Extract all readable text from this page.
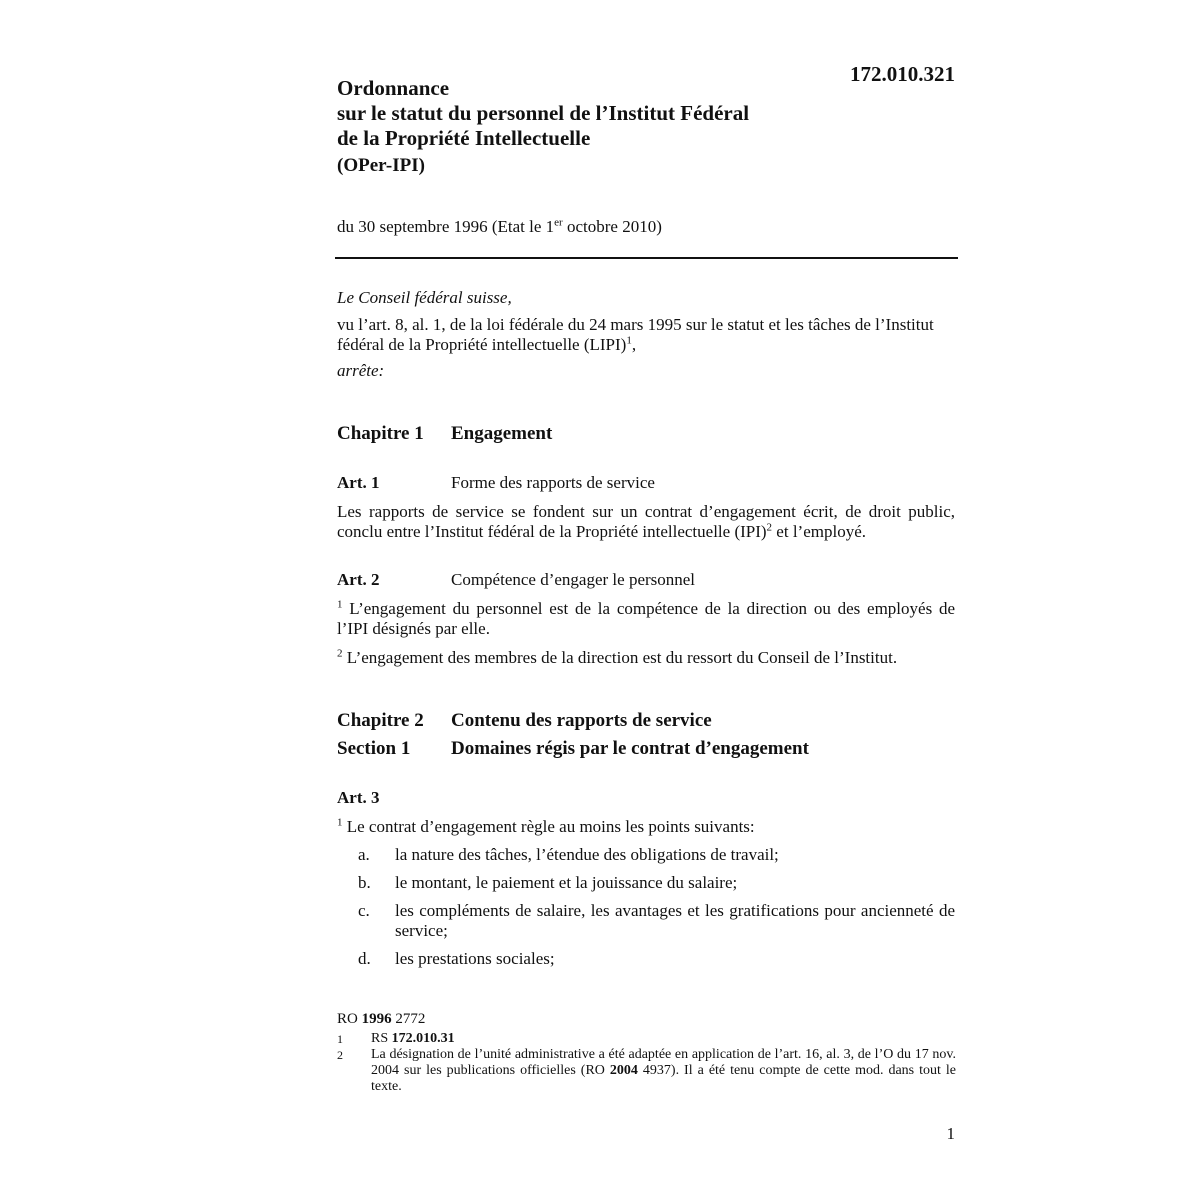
172.010.321
Ordonnance
sur le statut du personnel de l’Institut Fédéral
de la Propriété Intellectuelle
(OPer-IPI)
du 30 septembre 1996 (Etat le 1er octobre 2010)
Le Conseil fédéral suisse,
vu l’art. 8, al. 1, de la loi fédérale du 24 mars 1995 sur le statut et les tâches de l’Institut fédéral de la Propriété intellectuelle (LIPI)$^1$,
arrête:
Chapitre 1 Engagement
Art. 1	Forme des rapports de service
Les rapports de service se fondent sur un contrat d’engagement écrit, de droit public, conclu entre l’Institut fédéral de la Propriété intellectuelle (IPI)$^2$ et l’employé.
Art. 2	Compétence d’engager le personnel
$^1$ L’engagement du personnel est de la compétence de la direction ou des employés de l’IPI désignés par elle.
$^2$ L’engagement des membres de la direction est du ressort du Conseil de l’Institut.
Chapitre 2 Contenu des rapports de service
Section 1 Domaines régis par le contrat d’engagement
Art. 3
$^1$ Le contrat d’engagement règle au moins les points suivants:
a. la nature des tâches, l’étendue des obligations de travail;
b. le montant, le paiement et la jouissance du salaire;
c. les compléments de salaire, les avantages et les gratifications pour ancienneté de service;
d. les prestations sociales;
RO 1996 2772
1 RS 172.010.31
2 La désignation de l’unité administrative a été adaptée en application de l’art. 16, al. 3, de l’O du 17 nov. 2004 sur les publications officielles (RO 2004 4937). Il a été tenu compte de cette mod. dans tout le texte.
1
